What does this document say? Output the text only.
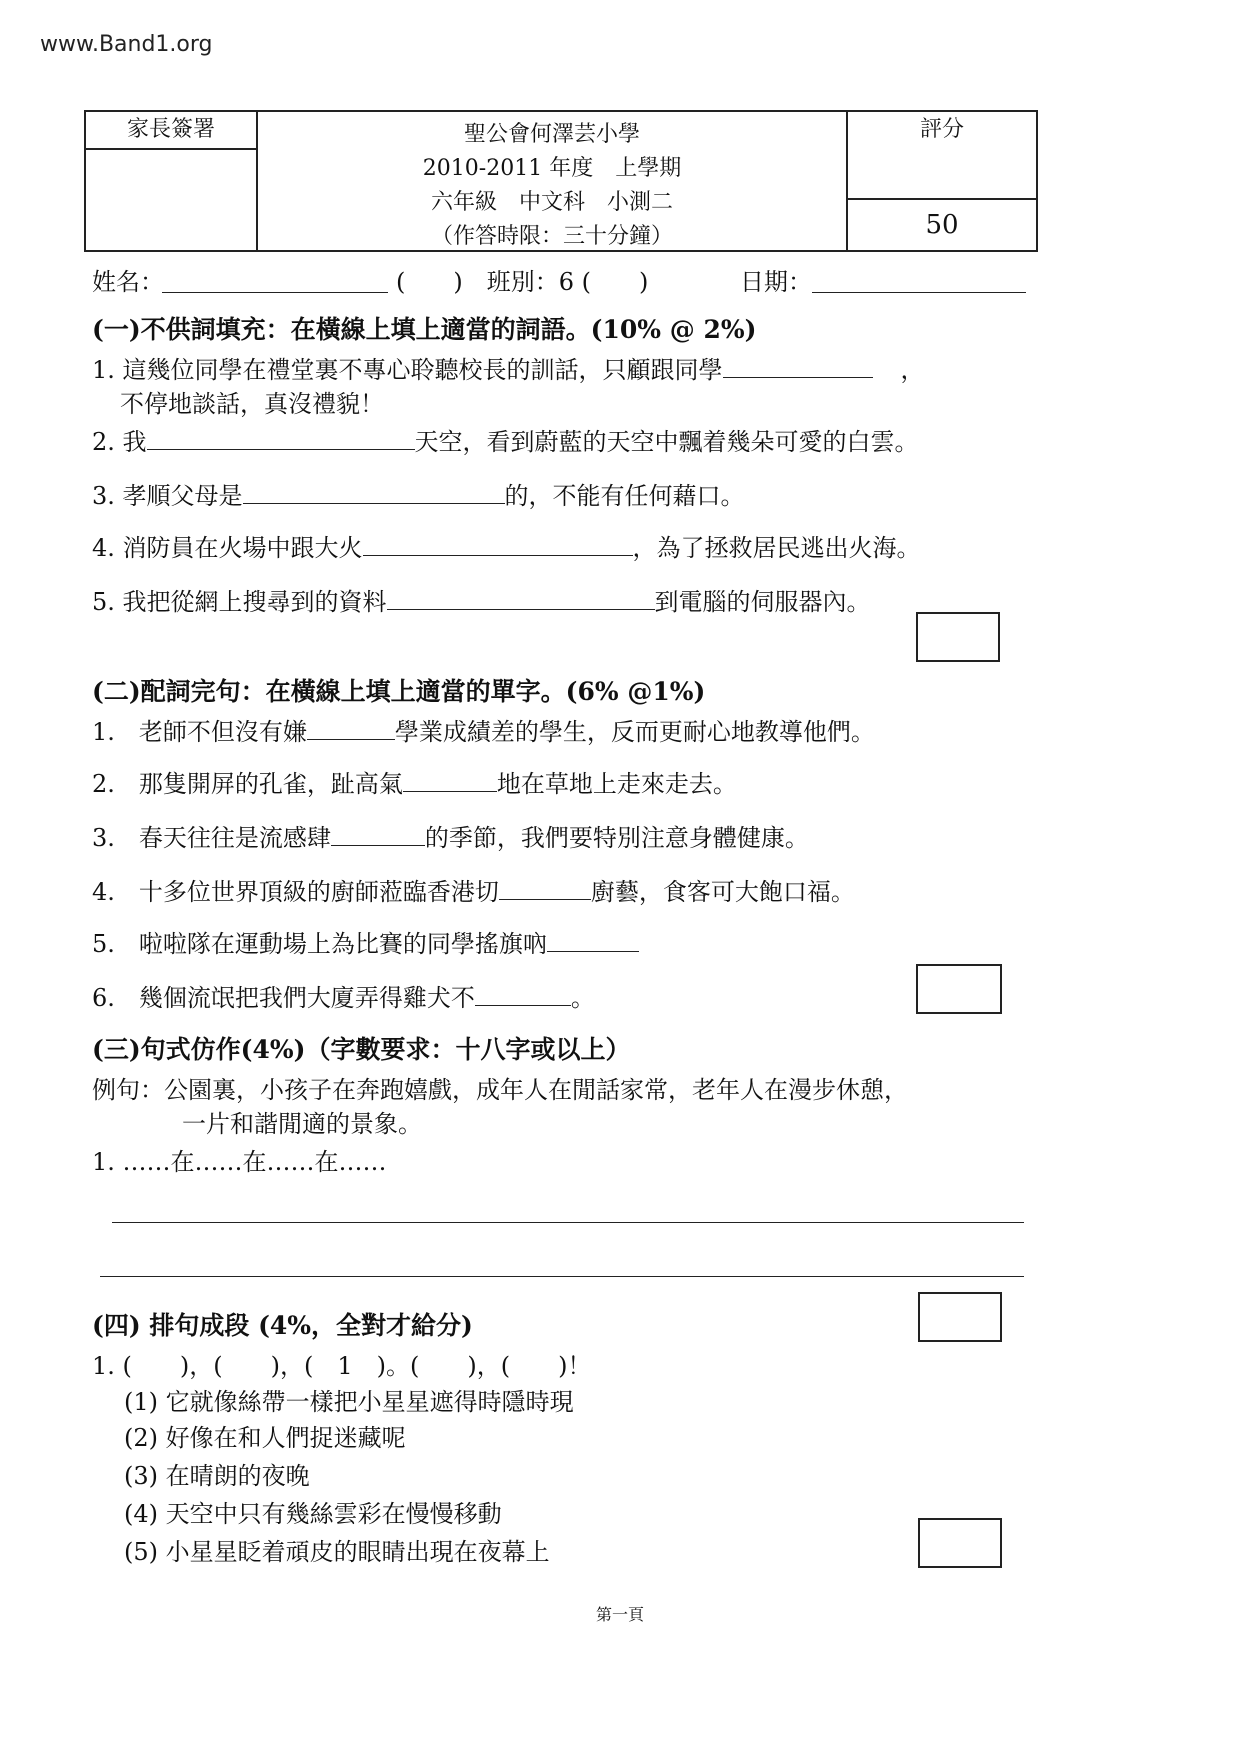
www.Band1.org
家長簽署	聖公會何澤芸小學
2010-2011 年度　上學期
六年級　中文科　小測二
（作答時限：三十分鐘）
評分
50
姓名：	(　　)　班別：6 (　　)	日期：
(一)不供詞填充：在橫線上填上適當的詞語。(10% @ 2%)
1. 這幾位同學在禮堂裏不專心聆聽校長的訓話，只顧跟同學	，
不停地談話，真沒禮貌！
2. 我	天空，看到蔚藍的天空中飄着幾朵可愛的白雲。
3. 孝順父母是	的，不能有任何藉口。
4. 消防員在火場中跟大火	，為了拯救居民逃出火海。
5. 我把從網上搜尋到的資料	到電腦的伺服器內。
(二)配詞完句：在橫線上填上適當的單字。(6% @1%)
1.　老師不但沒有嫌	學業成績差的學生，反而更耐心地教導他們。
2.　那隻開屏的孔雀，趾高氣	地在草地上走來走去。
3.　春天往往是流感肆	的季節，我們要特別注意身體健康。
4.　十多位世界頂級的廚師蒞臨香港切	廚藝，食客可大飽口福。
5.　啦啦隊在運動場上為比賽的同學搖旗吶
6.　幾個流氓把我們大廈弄得雞犬不	。
(三)句式仿作(4%)（字數要求：十八字或以上）
例句：公園裏，小孩子在奔跑嬉戲，成年人在閒話家常，老年人在漫步休憩，
一片和諧閒適的景象。
1. ……在……在……在……
(四) 排句成段 (4%，全對才給分)
1. (　　)，(　　)，(　1　)。(　　)，(　　)！
(1) 它就像絲帶一樣把小星星遮得時隱時現
(2) 好像在和人們捉迷藏呢
(3) 在晴朗的夜晚
(4) 天空中只有幾絲雲彩在慢慢移動
(5) 小星星眨着頑皮的眼睛出現在夜幕上
第一頁
